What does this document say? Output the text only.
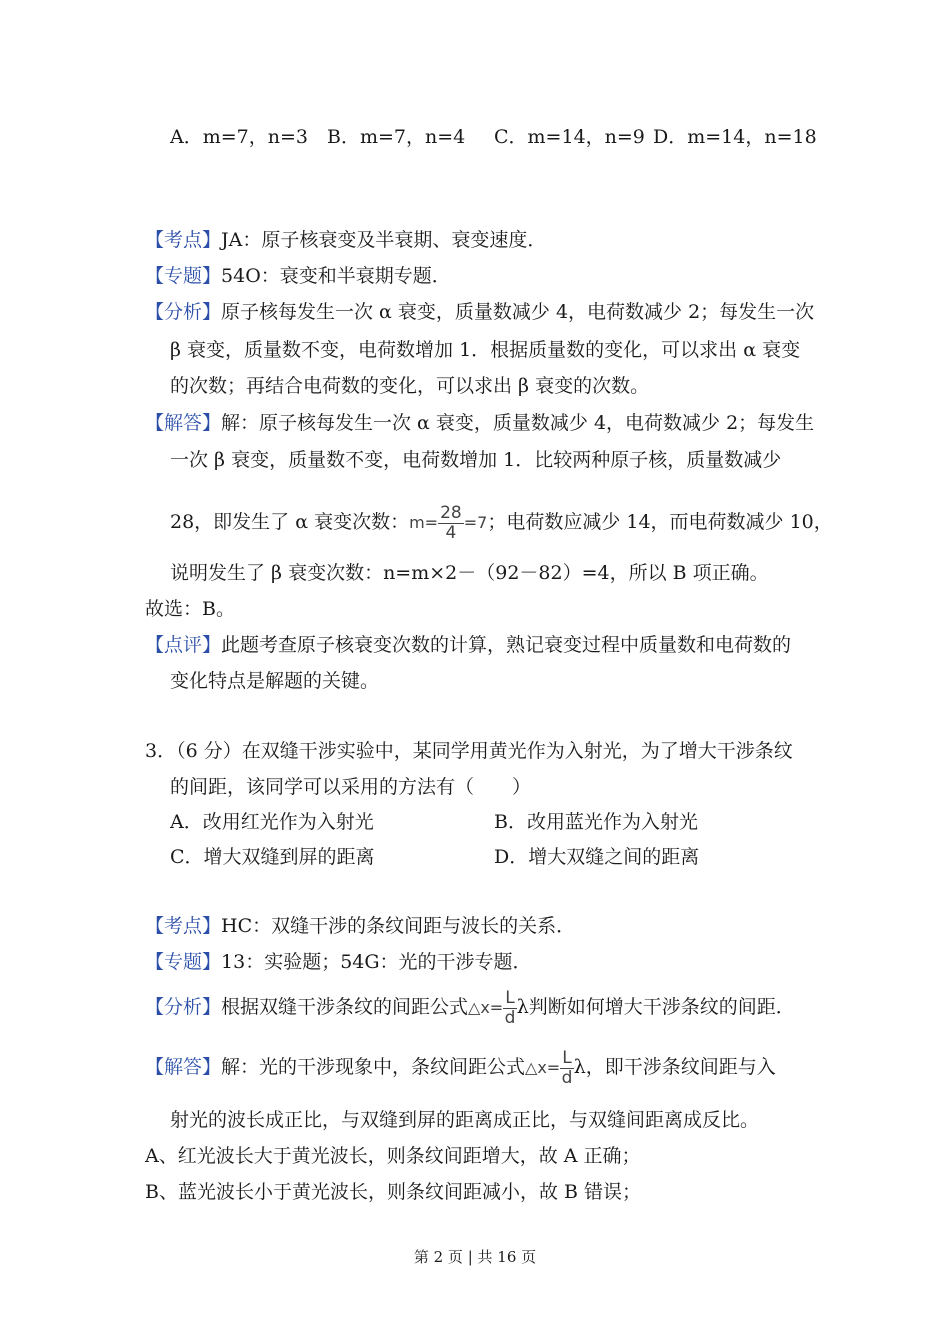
A．m=7，n=3 B．m=7，n=4 C．m=14，n=9 D．m=14，n=18
【考点】JA：原子核衰变及半衰期、衰变速度．
【专题】54O：衰变和半衰期专题．
【分析】原子核每发生一次 α 衰变，质量数减少 4，电荷数减少 2；每发生一次
β 衰变，质量数不变，电荷数增加 1．根据质量数的变化，可以求出 α 衰变
的次数；再结合电荷数的变化，可以求出 β 衰变的次数。
【解答】解：原子核每发生一次 α 衰变，质量数减少 4，电荷数减少 2；每发生
一次 β 衰变，质量数不变，电荷数增加 1．比较两种原子核，质量数减少
28，即发生了 α 衰变次数：$m= \frac{28}{4} =7$；电荷数应减少 14，而电荷数减少 10，
说明发生了 β 衰变次数：n=m×2－（92－82）=4，所以 B 项正确。
故选：B。
【点评】此题考查原子核衰变次数的计算，熟记衰变过程中质量数和电荷数的
变化特点是解题的关键。
3．（6 分）在双缝干涉实验中，某同学用黄光作为入射光，为了增大干涉条纹
的间距，该同学可以采用的方法有（　　）
A．改用红光作为入射光	B．改用蓝光作为入射光
C．增大双缝到屏的距离	D．增大双缝之间的距离
【考点】HC：双缝干涉的条纹间距与波长的关系．
【专题】13：实验题；54G：光的干涉专题．
【分析】根据双缝干涉条纹的间距公式△x= $\frac{L}{d}$ λ判断如何增大干涉条纹的间距．
【解答】解：光的干涉现象中，条纹间距公式△x= $\frac{L}{d}$ λ，即干涉条纹间距与入
射光的波长成正比，与双缝到屏的距离成正比，与双缝间距离成反比。
A、红光波长大于黄光波长，则条纹间距增大，故 A 正确；
B、蓝光波长小于黄光波长，则条纹间距减小，故 B 错误；
第 2 页 | 共 16 页
